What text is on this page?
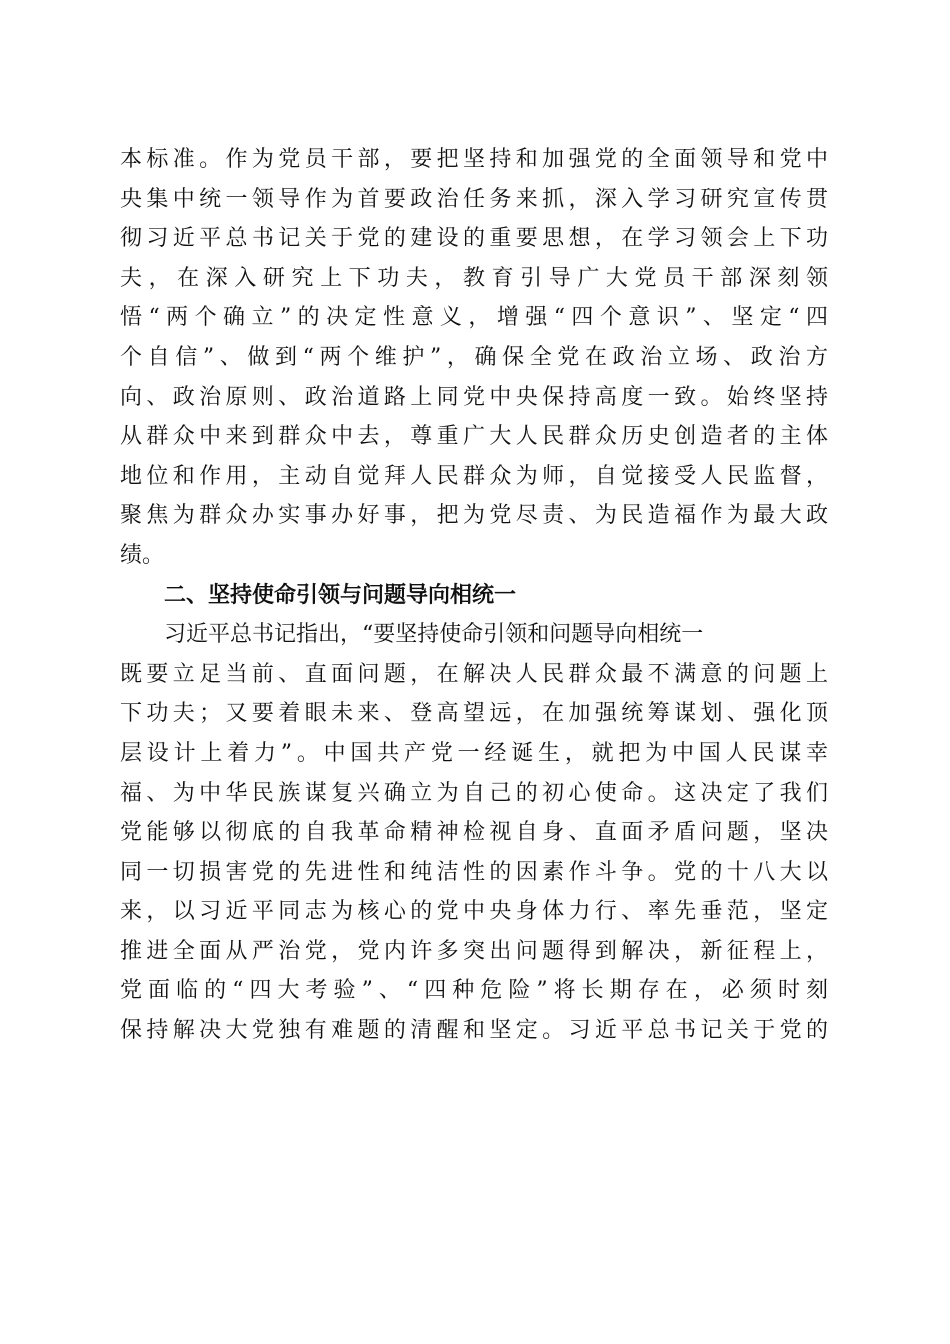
本标准。作为党员干部，要把坚持和加强党的全面领导和党中
央集中统一领导作为首要政治任务来抓，深入学习研究宣传贯
彻习近平总书记关于党的建设的重要思想，在学习领会上下功
夫，在深入研究上下功夫，教育引导广大党员干部深刻领
悟“两个确立”的决定性意义，增强“四个意识”、坚定“四
个自信”、做到“两个维护”，确保全党在政治立场、政治方
向、政治原则、政治道路上同党中央保持高度一致。始终坚持
从群众中来到群众中去，尊重广大人民群众历史创造者的主体
地位和作用，主动自觉拜人民群众为师，自觉接受人民监督，
聚焦为群众办实事办好事，把为党尽责、为民造福作为最大政
绩。
二、坚持使命引领与问题导向相统一
习近平总书记指出，“要坚持使命引领和问题导向相统一
既要立足当前、直面问题，在解决人民群众最不满意的问题上
下功夫；又要着眼未来、登高望远，在加强统筹谋划、强化顶
层设计上着力”。中国共产党一经诞生，就把为中国人民谋幸
福、为中华民族谋复兴确立为自己的初心使命。这决定了我们
党能够以彻底的自我革命精神检视自身、直面矛盾问题，坚决
同一切损害党的先进性和纯洁性的因素作斗争。党的十八大以
来，以习近平同志为核心的党中央身体力行、率先垂范，坚定
推进全面从严治党，党内许多突出问题得到解决，新征程上，
党面临的“四大考验”、“四种危险”将长期存在，必须时刻
保持解决大党独有难题的清醒和坚定。习近平总书记关于党的
